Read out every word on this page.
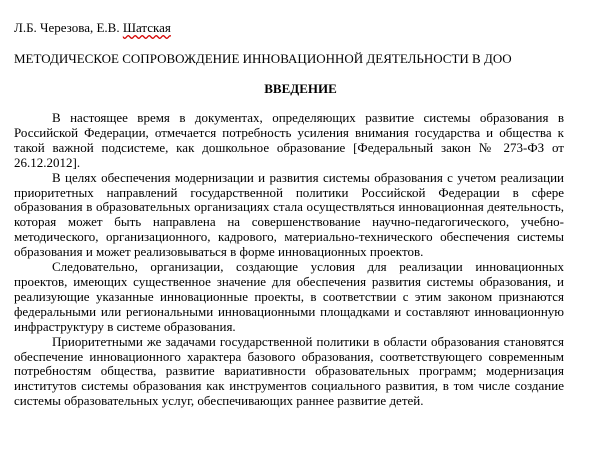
Л.Б. Черезова, Е.В. Шатская
МЕТОДИЧЕСКОЕ СОПРОВОЖДЕНИЕ ИННОВАЦИОННОЙ ДЕЯТЕЛЬНОСТИ В ДОО
ВВЕДЕНИЕ

В настоящее время в документах, определяющих развитие системы образования в Российской Федерации, отмечается потребность усиления внимания государства и общества к такой важной подсистеме, как дошкольное образование [Федеральный закон № 273-ФЗ от 26.12.2012].

В целях обеспечения модернизации и развития системы образования с учетом реализации приоритетных направлений государственной политики Российской Федерации в сфере образования в образовательных организациях стала осуществляться инновационная деятельность, которая может быть направлена на совершенствование научно-педагогического, учебно-методического, организационного, кадрового, материально-технического обеспечения системы образования и может реализовываться в форме инновационных проектов.

Следовательно, организации, создающие условия для реализации инновационных проектов, имеющих существенное значение для обеспечения развития системы образования, и реализующие указанные инновационные проекты, в соответствии с этим законом признаются федеральными или региональными инновационными площадками и составляют инновационную инфраструктуру в системе образования.

Приоритетными же задачами государственной политики в области образования становятся обеспечение инновационного характера базового образования, соответствующего современным потребностям общества, развитие вариативности образовательных программ; модернизация институтов системы образования как инструментов социального развития, в том числе создание системы образовательных услуг, обеспечивающих раннее развитие детей.
